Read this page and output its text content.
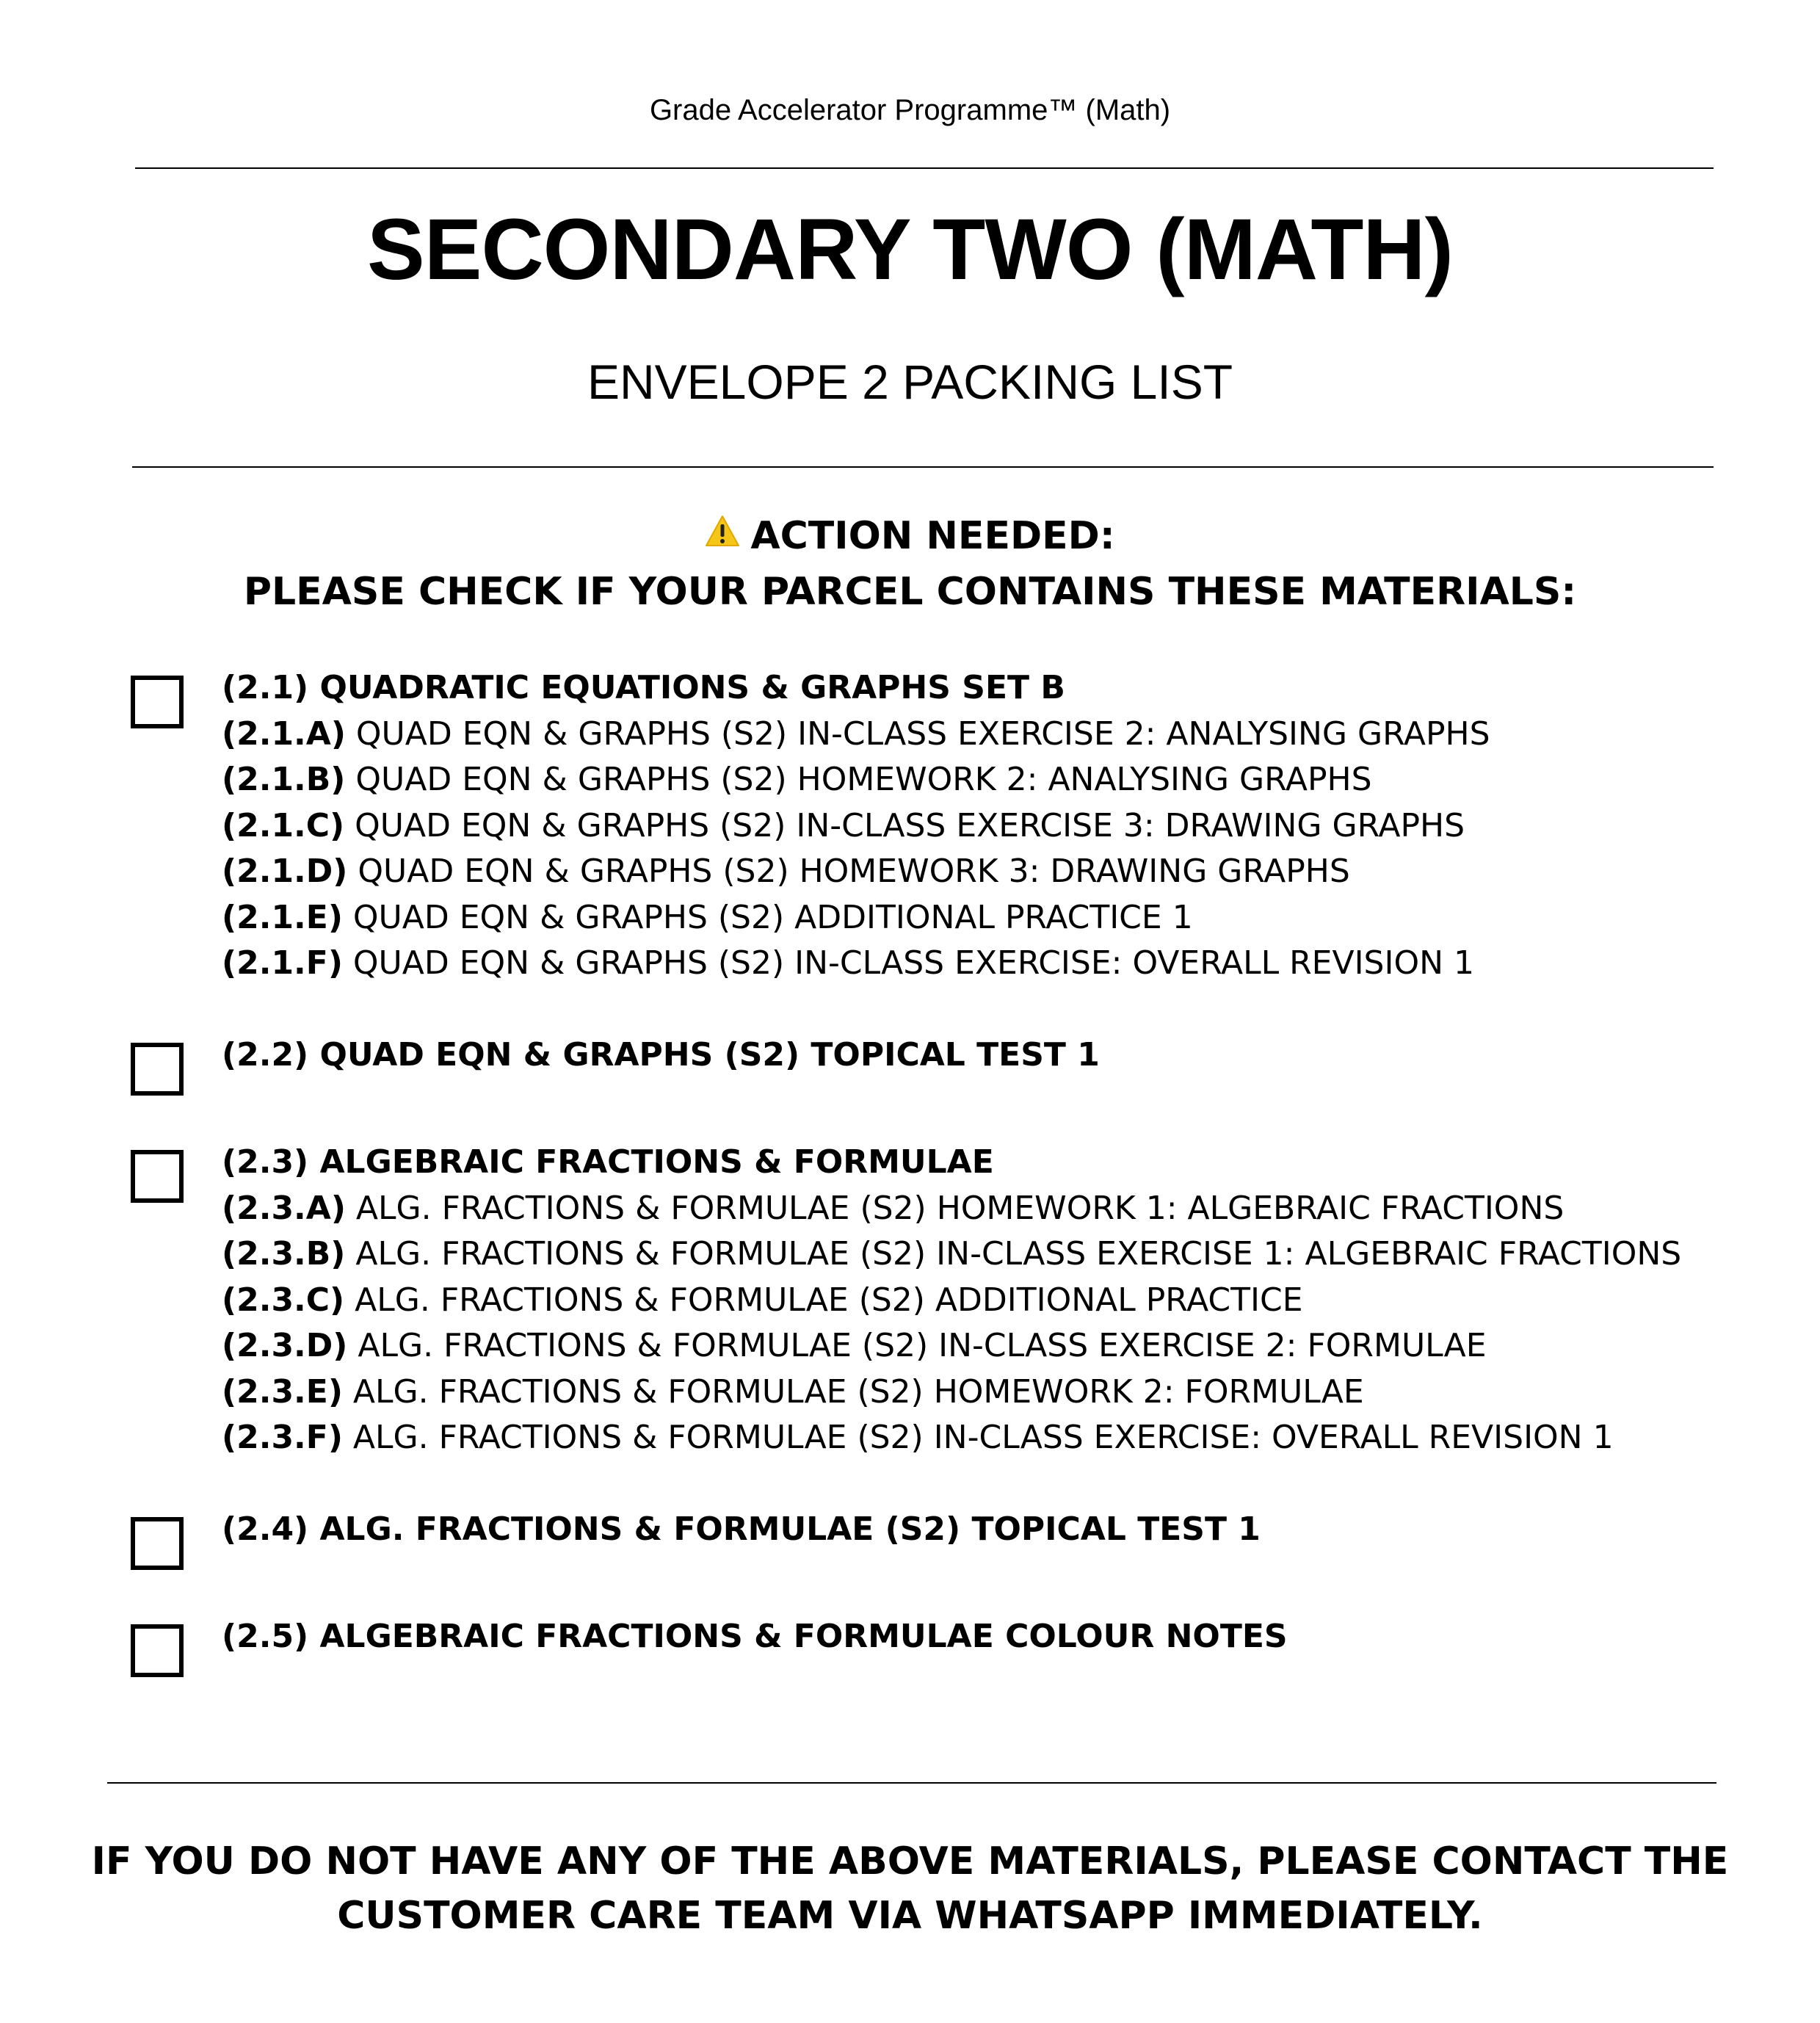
Grade Accelerator Programme™ (Math)
SECONDARY TWO (MATH)
ENVELOPE 2 PACKING LIST
ACTION NEEDED:
PLEASE CHECK IF YOUR PARCEL CONTAINS THESE MATERIALS:
(2.1) QUADRATIC EQUATIONS & GRAPHS SET B
(2.1.A) QUAD EQN & GRAPHS (S2) IN-CLASS EXERCISE 2: ANALYSING GRAPHS
(2.1.B) QUAD EQN & GRAPHS (S2) HOMEWORK 2: ANALYSING GRAPHS
(2.1.C) QUAD EQN & GRAPHS (S2) IN-CLASS EXERCISE 3: DRAWING GRAPHS
(2.1.D) QUAD EQN & GRAPHS (S2) HOMEWORK 3: DRAWING GRAPHS
(2.1.E) QUAD EQN & GRAPHS (S2) ADDITIONAL PRACTICE 1
(2.1.F) QUAD EQN & GRAPHS (S2) IN-CLASS EXERCISE: OVERALL REVISION 1
(2.2) QUAD EQN & GRAPHS (S2) TOPICAL TEST 1
(2.3) ALGEBRAIC FRACTIONS & FORMULAE
(2.3.A) ALG. FRACTIONS & FORMULAE (S2) HOMEWORK 1: ALGEBRAIC FRACTIONS
(2.3.B) ALG. FRACTIONS & FORMULAE (S2) IN-CLASS EXERCISE 1: ALGEBRAIC FRACTIONS
(2.3.C) ALG. FRACTIONS & FORMULAE (S2) ADDITIONAL PRACTICE
(2.3.D) ALG. FRACTIONS & FORMULAE (S2) IN-CLASS EXERCISE 2: FORMULAE
(2.3.E) ALG. FRACTIONS & FORMULAE (S2) HOMEWORK 2: FORMULAE
(2.3.F) ALG. FRACTIONS & FORMULAE (S2) IN-CLASS EXERCISE: OVERALL REVISION 1
(2.4) ALG. FRACTIONS & FORMULAE (S2) TOPICAL TEST 1
(2.5) ALGEBRAIC FRACTIONS & FORMULAE COLOUR NOTES
IF YOU DO NOT HAVE ANY OF THE ABOVE MATERIALS, PLEASE CONTACT THE
CUSTOMER CARE TEAM VIA WHATSAPP IMMEDIATELY.
